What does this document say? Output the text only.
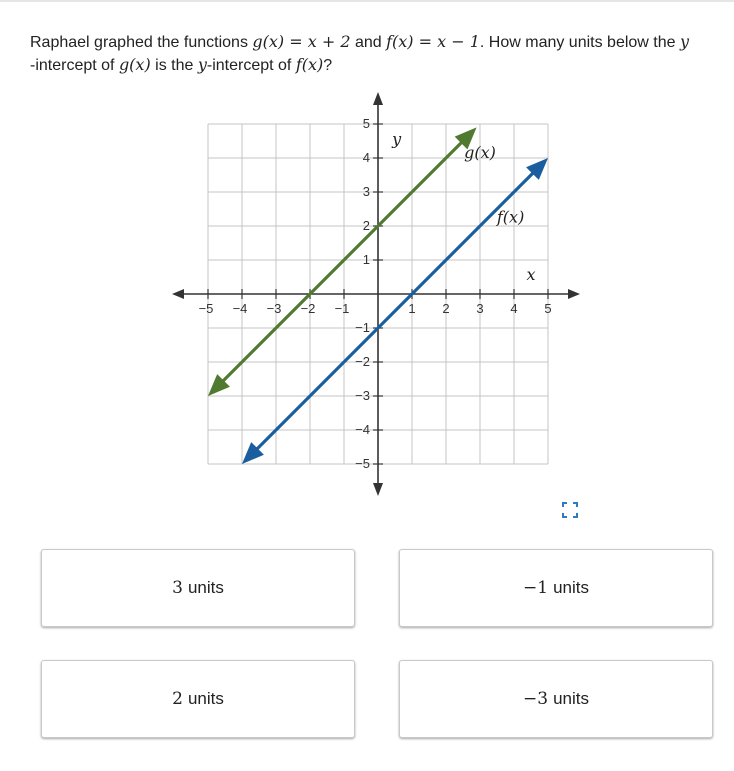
Raphael graphed the functions g(x) = x + 2 and f(x) = x − 1. How many units below the y
-intercept of g(x) is the y-intercept of f(x)?
−5 −4 −3 −2 −1	1 2 3 4 5
5
4
3
2
1
−1
−2
−3
−4
−5
x
y
g(x)
f(x)
3 units	−1 units
2 units	−3 units
